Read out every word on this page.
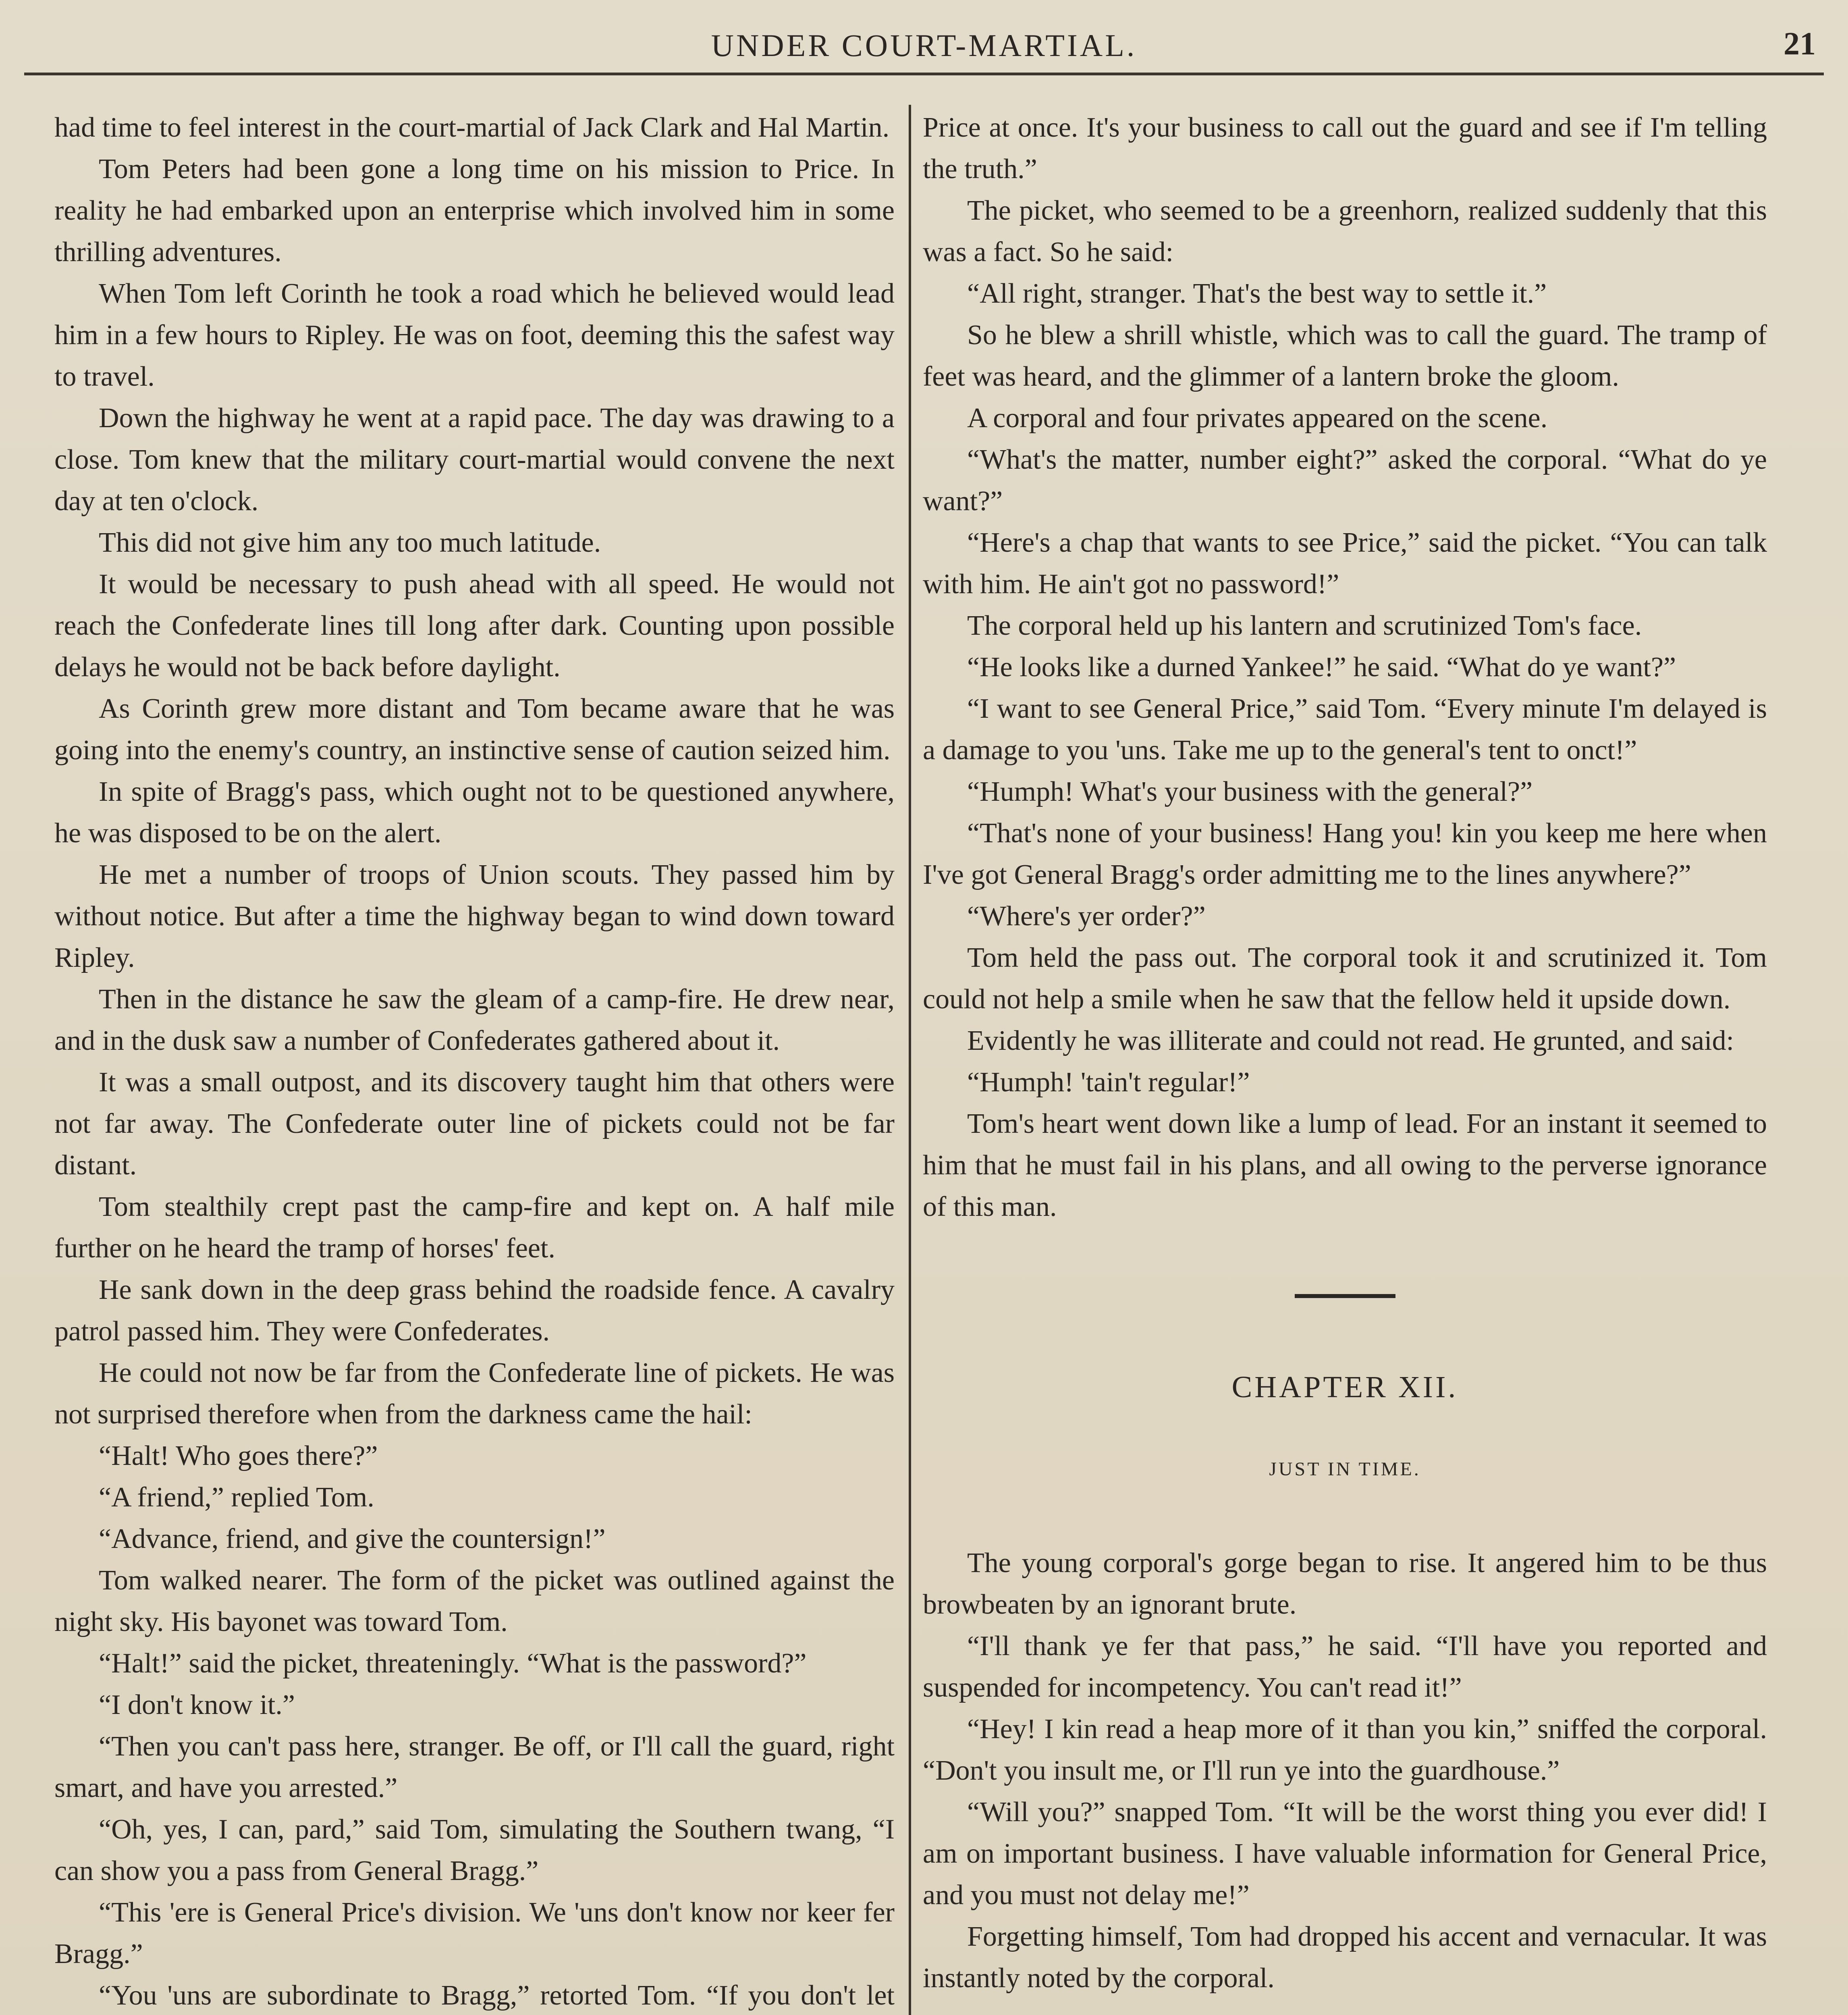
UNDER COURT-MARTIAL.	21

had time to feel interest in the court-martial of Jack Clark and Hal Martin.

Tom Peters had been gone a long time on his mission to Price. In reality he had embarked upon an enterprise which involved him in some thrilling adventures.

When Tom left Corinth he took a road which he believed would lead him in a few hours to Ripley. He was on foot, deeming this the safest way to travel.

Down the highway he went at a rapid pace. The day was drawing to a close. Tom knew that the military court-martial would convene the next day at ten o'clock.

This did not give him any too much latitude.

It would be necessary to push ahead with all speed. He would not reach the Confederate lines till long after dark. Counting upon possible delays he would not be back before daylight.

As Corinth grew more distant and Tom became aware that he was going into the enemy's country, an instinctive sense of caution seized him.

In spite of Bragg's pass, which ought not to be questioned anywhere, he was disposed to be on the alert.

He met a number of troops of Union scouts. They passed him by without notice. But after a time the highway began to wind down toward Ripley.

Then in the distance he saw the gleam of a camp-fire. He drew near, and in the dusk saw a number of Confederates gathered about it.

It was a small outpost, and its discovery taught him that others were not far away. The Confederate outer line of pickets could not be far distant.

Tom stealthily crept past the camp-fire and kept on. A half mile further on he heard the tramp of horses' feet.

He sank down in the deep grass behind the roadside fence. A cavalry patrol passed him. They were Confederates.

He could not now be far from the Confederate line of pickets. He was not surprised therefore when from the darkness came the hail:

“Halt! Who goes there?”

“A friend,” replied Tom.

“Advance, friend, and give the countersign!”

Tom walked nearer. The form of the picket was outlined against the night sky. His bayonet was toward Tom.

“Halt!” said the picket, threateningly. “What is the password?”

“I don't know it.”

“Then you can't pass here, stranger. Be off, or I'll call the guard, right smart, and have you arrested.”

“Oh, yes, I can, pard,” said Tom, simulating the Southern twang, “I can show you a pass from General Bragg.”

“This 'ere is General Price's division. We 'uns don't know nor keer fer Bragg.”

“You 'uns are subordinate to Bragg,” retorted Tom. “If you don't let

Price at once. It's your business to call out the guard and see if I'm telling the truth.”

The picket, who seemed to be a greenhorn, realized suddenly that this was a fact. So he said:

“All right, stranger. That's the best way to settle it.”

So he blew a shrill whistle, which was to call the guard. The tramp of feet was heard, and the glimmer of a lantern broke the gloom.

A corporal and four privates appeared on the scene.

“What's the matter, number eight?” asked the corporal. “What do ye want?”

“Here's a chap that wants to see Price,” said the picket. “You can talk with him. He ain't got no password!”

The corporal held up his lantern and scrutinized Tom's face.

“He looks like a durned Yankee!” he said. “What do ye want?”

“I want to see General Price,” said Tom. “Every minute I'm delayed is a damage to you 'uns. Take me up to the general's tent to onct!”

“Humph! What's your business with the general?”

“That's none of your business! Hang you! kin you keep me here when I've got General Bragg's order admitting me to the lines anywhere?”

“Where's yer order?”

Tom held the pass out. The corporal took it and scrutinized it. Tom could not help a smile when he saw that the fellow held it upside down.

Evidently he was illiterate and could not read. He grunted, and said:

“Humph! 'tain't regular!”

Tom's heart went down like a lump of lead. For an instant it seemed to him that he must fail in his plans, and all owing to the perverse ignorance of this man.

CHAPTER XII.
JUST IN TIME.

The young corporal's gorge began to rise. It angered him to be thus browbeaten by an ignorant brute.

“I'll thank ye fer that pass,” he said. “I'll have you reported and suspended for incompetency. You can't read it!”

“Hey! I kin read a heap more of it than you kin,” sniffed the corporal. “Don't you insult me, or I'll run ye into the guardhouse.”

“Will you?” snapped Tom. “It will be the worst thing you ever did! I am on important business. I have valuable information for General Price, and you must not delay me!”

Forgetting himself, Tom had dropped his accent and vernacular. It was instantly noted by the corporal.
